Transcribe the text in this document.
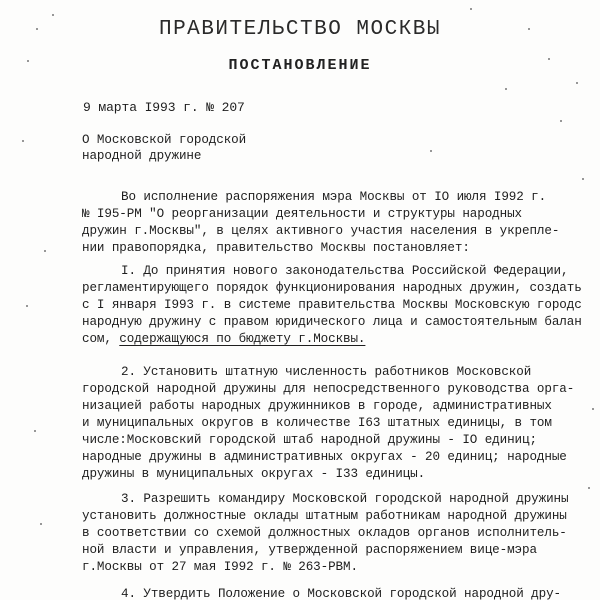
ПРАВИТЕЛЬСТВО МОСКВЫ
ПОСТАНОВЛЕНИЕ
9 марта I993 г. № 207
О Московской городской
народной дружине
Во исполнение распоряжения мэра Москвы от IO июля I992 г.
№ I95-РМ "О реорганизации деятельности и структуры народных
дружин г.Москвы", в целях активного участия населения в укрепле-
нии правопорядка, правительство Москвы постановляет:
I. До принятия нового законодательства Российской Федерации,
регламентирующего порядок функционирования народных дружин, создать
с I января I993 г. в системе правительства Москвы Московскую городс
народную дружину с правом юридического лица и самостоятельным балан
сом, содержащуюся по бюджету г.Москвы.
2. Установить штатную численность работников Московской
городской народной дружины для непосредственного руководства орга-
низацией работы народных дружинников в городе, административных
и муниципальных округов в количестве I63 штатных единицы, в том
числе:Московский городской штаб народной дружины - IO единиц;
народные дружины в административных округах - 20 единиц; народные
дружины в муниципальных округах - I33 единицы.
3. Разрешить командиру Московской городской народной дружины
установить должностные оклады штатным работникам народной дружины
в соответствии со схемой должностных окладов органов исполнитель-
ной власти и управления, утвержденной распоряжением вице-мэра
г.Москвы от 27 мая I992 г. № 263-РВМ.
4. Утвердить Положение о Московской городской народной дру-
